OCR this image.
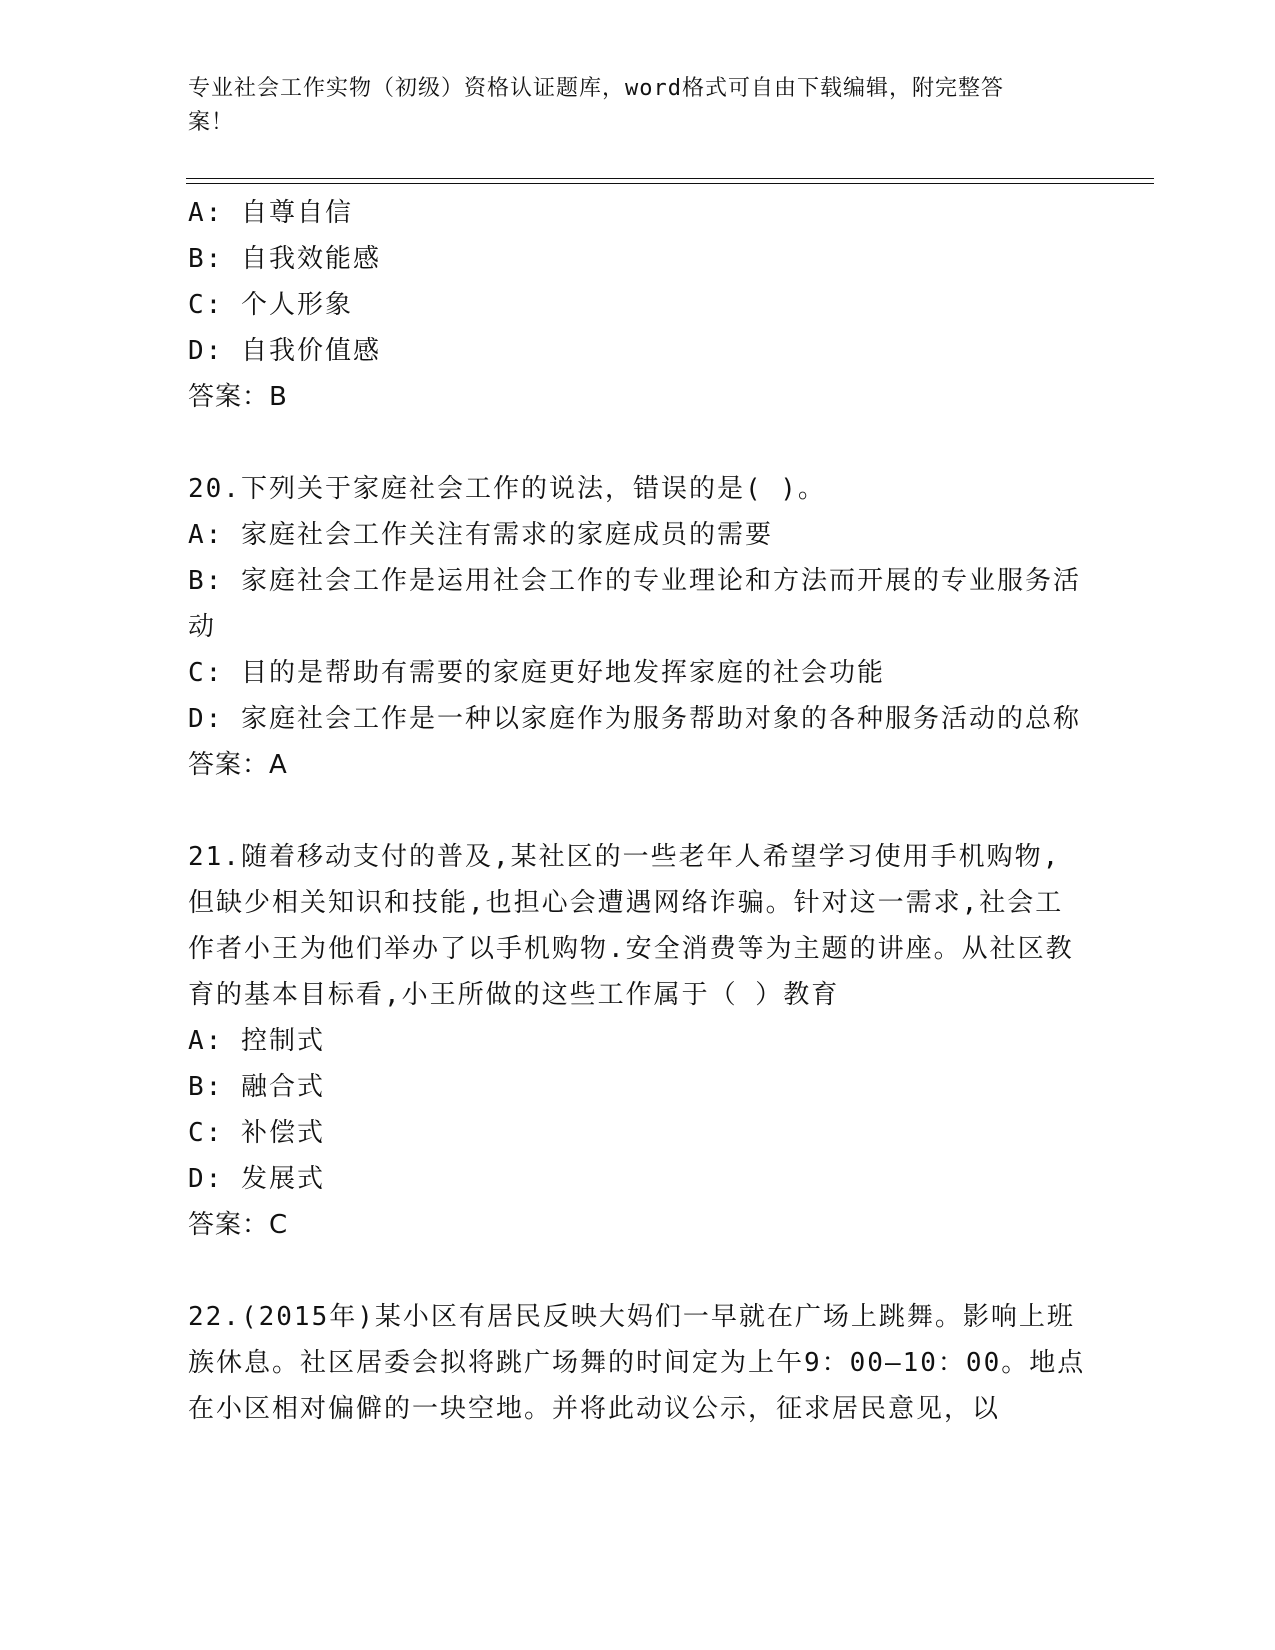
专业社会工作实物（初级）资格认证题库，word格式可自由下载编辑，附完整答
案！
A: 自尊自信
B: 自我效能感
C: 个人形象
D: 自我价值感
答案：B
20.下列关于家庭社会工作的说法，错误的是( )。
A: 家庭社会工作关注有需求的家庭成员的需要
B: 家庭社会工作是运用社会工作的专业理论和方法而开展的专业服务活动
C: 目的是帮助有需要的家庭更好地发挥家庭的社会功能
D: 家庭社会工作是一种以家庭作为服务帮助对象的各种服务活动的总称
答案：A
21.随着移动支付的普及,某社区的一些老年人希望学习使用手机购物,但缺少相关知识和技能,也担心会遭遇网络诈骗。针对这一需求,社会工作者小王为他们举办了以手机购物.安全消费等为主题的讲座。从社区教育的基本目标看,小王所做的这些工作属于（ ）教育
A: 控制式
B: 融合式
C: 补偿式
D: 发展式
答案：C
22.(2015年)某小区有居民反映大妈们一早就在广场上跳舞。影响上班族休息。社区居委会拟将跳广场舞的时间定为上午9：00—10：00。地点在小区相对偏僻的一块空地。并将此动议公示，征求居民意见，以
